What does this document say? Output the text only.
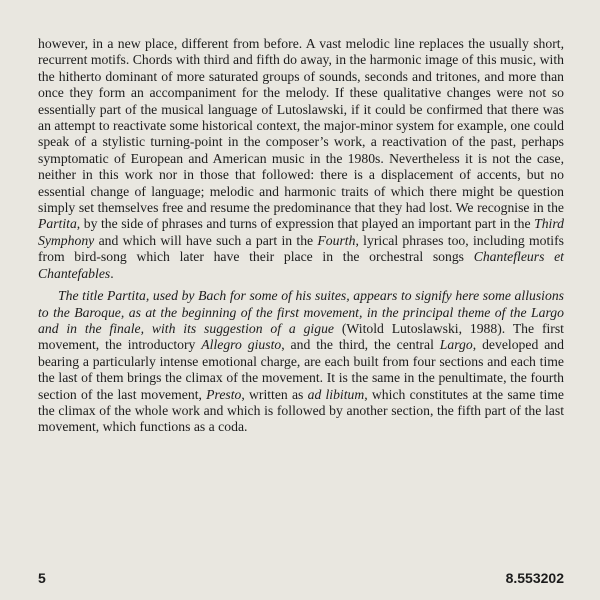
however, in a new place, different from before. A vast melodic line replaces the usually short, recurrent motifs. Chords with third and fifth do away, in the harmonic image of this music, with the hitherto dominant of more saturated groups of sounds, seconds and tritones, and more than once they form an accompaniment for the melody. If these qualitative changes were not so essentially part of the musical language of Lutoslawski, if it could be confirmed that there was an attempt to reactivate some historical context, the major-minor system for example, one could speak of a stylistic turning-point in the composer’s work, a reactivation of the past, perhaps symptomatic of European and American music in the 1980s. Nevertheless it is not the case, neither in this work nor in those that followed: there is a displacement of accents, but no essential change of language; melodic and harmonic traits of which there might be question simply set themselves free and resume the predominance that they had lost. We recognise in the Partita, by the side of phrases and turns of expression that played an important part in the Third Symphony and which will have such a part in the Fourth, lyrical phrases too, including motifs from bird-song which later have their place in the orchestral songs Chantefleurs et Chantefables.

The title Partita, used by Bach for some of his suites, appears to signify here some allusions to the Baroque, as at the beginning of the first movement, in the principal theme of the Largo and in the finale, with its suggestion of a gigue (Witold Lutoslawski, 1988). The first movement, the introductory Allegro giusto, and the third, the central Largo, developed and bearing a particularly intense emotional charge, are each built from four sections and each time the last of them brings the climax of the movement. It is the same in the penultimate, the fourth section of the last movement, Presto, written as ad libitum, which constitutes at the same time the climax of the whole work and which is followed by another section, the fifth part of the last movement, which functions as a coda.

5	8.553202
